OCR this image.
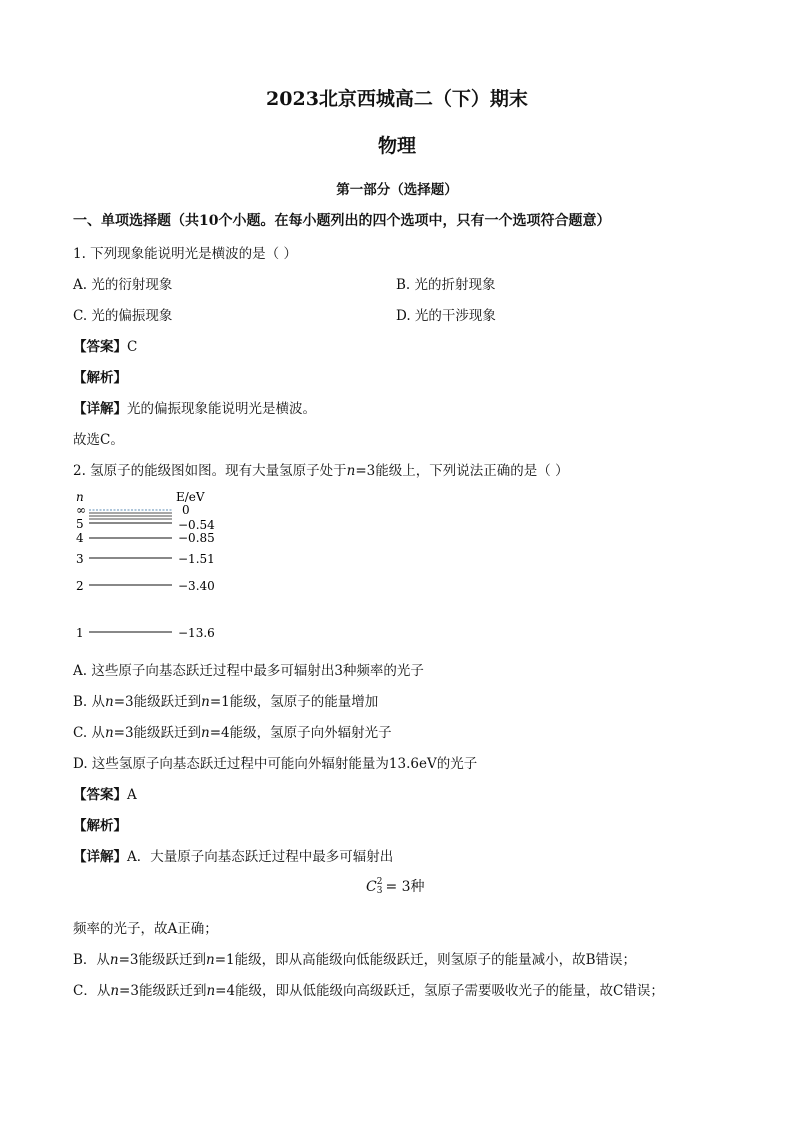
2023北京西城高二（下）期末
物理
第一部分（选择题）
一、单项选择题（共10个小题。在每小题列出的四个选项中，只有一个选项符合题意）
1. 下列现象能说明光是横波的是（ ）
A. 光的衍射现象	B. 光的折射现象
C. 光的偏振现象	D. 光的干涉现象
【答案】C
【解析】
【详解】光的偏振现象能说明光是横波。
故选C。
2. 氢原子的能级图如图。现有大量氢原子处于n=3能级上，下列说法正确的是（ ）
n	E/eV
∞	0
5	−0.54
4	−0.85
3	−1.51
2	−3.40
1	−13.6
A. 这些原子向基态跃迁过程中最多可辐射出3种频率的光子
B. 从n=3能级跃迁到n=1能级，氢原子的能量增加
C. 从n=3能级跃迁到n=4能级，氢原子向外辐射光子
D. 这些氢原子向基态跃迁过程中可能向外辐射能量为13.6eV的光子
【答案】A
【解析】
【详解】A．大量原子向基态跃迁过程中最多可辐射出
C 2
3 = 3种
频率的光子，故A正确；
B．从n=3能级跃迁到n=1能级，即从高能级向低能级跃迁，则氢原子的能量减小，故B错误；
C．从n=3能级跃迁到n=4能级，即从低能级向高级跃迁，氢原子需要吸收光子的能量，故C错误；
